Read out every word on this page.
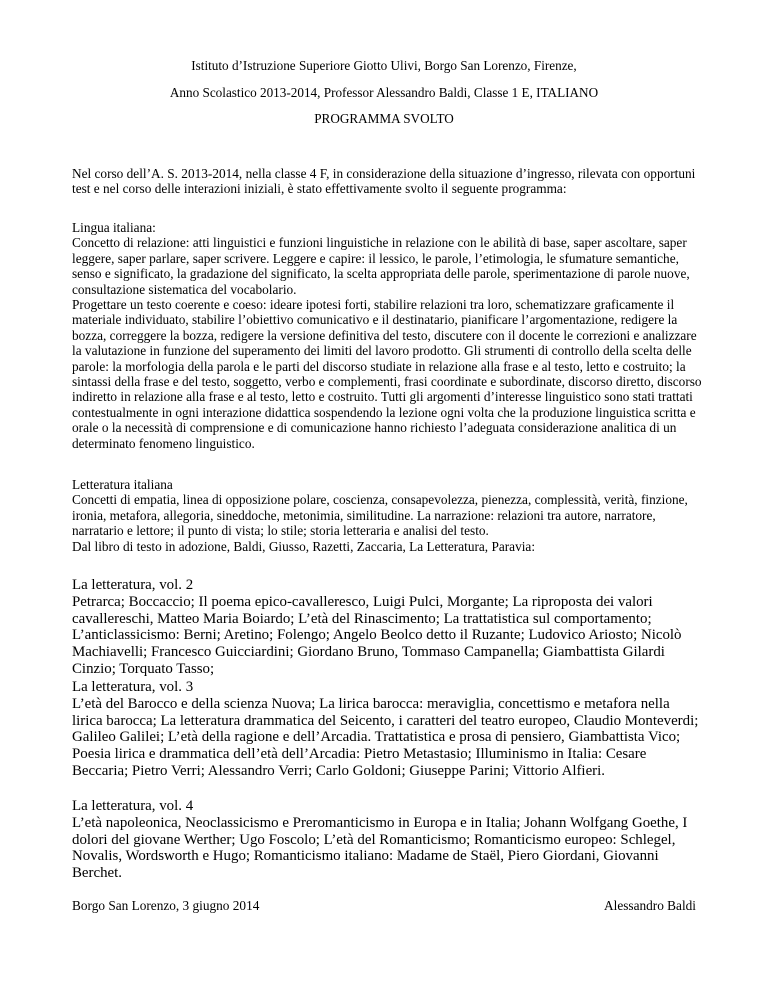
Istituto d’Istruzione Superiore Giotto Ulivi, Borgo San Lorenzo, Firenze,
Anno Scolastico 2013-2014, Professor Alessandro Baldi, Classe 1 E, ITALIANO
PROGRAMMA SVOLTO

Nel corso dell’A. S. 2013-2014, nella classe 4 F, in considerazione della situazione d’ingresso, rilevata con opportuni test e nel corso delle interazioni iniziali, è stato effettivamente svolto il seguente programma:

Lingua italiana:

Concetto di relazione: atti linguistici e funzioni linguistiche in relazione con le abilità di base, saper ascoltare, saper leggere, saper parlare, saper scrivere. Leggere e capire: il lessico, le parole, l’etimologia, le sfumature semantiche, senso e significato, la gradazione del significato, la scelta appropriata delle parole, sperimentazione di parole nuove, consultazione sistematica del vocabolario.

Progettare un testo coerente e coeso: ideare ipotesi forti, stabilire relazioni tra loro, schematizzare graficamente il materiale individuato, stabilire l’obiettivo comunicativo e il destinatario, pianificare l’argomentazione, redigere la bozza, correggere la bozza, redigere la versione definitiva del testo, discutere con il docente le correzioni e analizzare la valutazione in funzione del superamento dei limiti del lavoro prodotto. Gli strumenti di controllo della scelta delle parole: la morfologia della parola e le parti del discorso studiate in relazione alla frase e al testo, letto e costruito; la sintassi della frase e del testo, soggetto, verbo e complementi, frasi coordinate e subordinate, discorso diretto, discorso indiretto in relazione alla frase e al testo, letto e costruito. Tutti gli argomenti d’interesse linguistico sono stati trattati contestualmente in ogni interazione didattica sospendendo la lezione ogni volta che la produzione linguistica scritta e orale o la necessità di comprensione e di comunicazione hanno richiesto l’adeguata considerazione analitica di un determinato fenomeno linguistico.

Letteratura italiana

Concetti di empatia, linea di opposizione polare, coscienza, consapevolezza, pienezza, complessità, verità, finzione, ironia, metafora, allegoria, sineddoche, metonimia, similitudine. La narrazione: relazioni tra autore, narratore, narratario e lettore; il punto di vista; lo stile; storia letteraria e analisi del testo.

Dal libro di testo in adozione, Baldi, Giusso, Razetti, Zaccaria, La Letteratura, Paravia:

La letteratura, vol. 2

Petrarca; Boccaccio; Il poema epico-cavalleresco, Luigi Pulci, Morgante; La riproposta dei valori cavallereschi, Matteo Maria Boiardo; L’età del Rinascimento; La trattatistica sul comportamento; L’anticlassicismo: Berni; Aretino; Folengo; Angelo Beolco detto il Ruzante; Ludovico Ariosto; Nicolò Machiavelli; Francesco Guicciardini; Giordano Bruno, Tommaso Campanella; Giambattista Gilardi Cinzio; Torquato Tasso;

La letteratura, vol. 3

L’età del Barocco e della scienza Nuova; La lirica barocca: meraviglia, concettismo e metafora nella lirica barocca; La letteratura drammatica del Seicento, i caratteri del teatro europeo, Claudio Monteverdi; Galileo Galilei; L’età della ragione e dell’Arcadia. Trattatistica e prosa di pensiero, Giambattista Vico; Poesia lirica e drammatica dell’età dell’Arcadia: Pietro Metastasio; Illuminismo in Italia: Cesare Beccaria; Pietro Verri; Alessandro Verri; Carlo Goldoni; Giuseppe Parini; Vittorio Alfieri.

La letteratura, vol. 4

L’età napoleonica, Neoclassicismo e Preromanticismo in Europa e in Italia; Johann Wolfgang Goethe, I dolori del giovane Werther; Ugo Foscolo; L’età del Romanticismo; Romanticismo europeo: Schlegel, Novalis, Wordsworth e Hugo; Romanticismo italiano: Madame de Staël, Piero Giordani, Giovanni Berchet.

Borgo San Lorenzo, 3 giugno 2014	Alessandro Baldi
